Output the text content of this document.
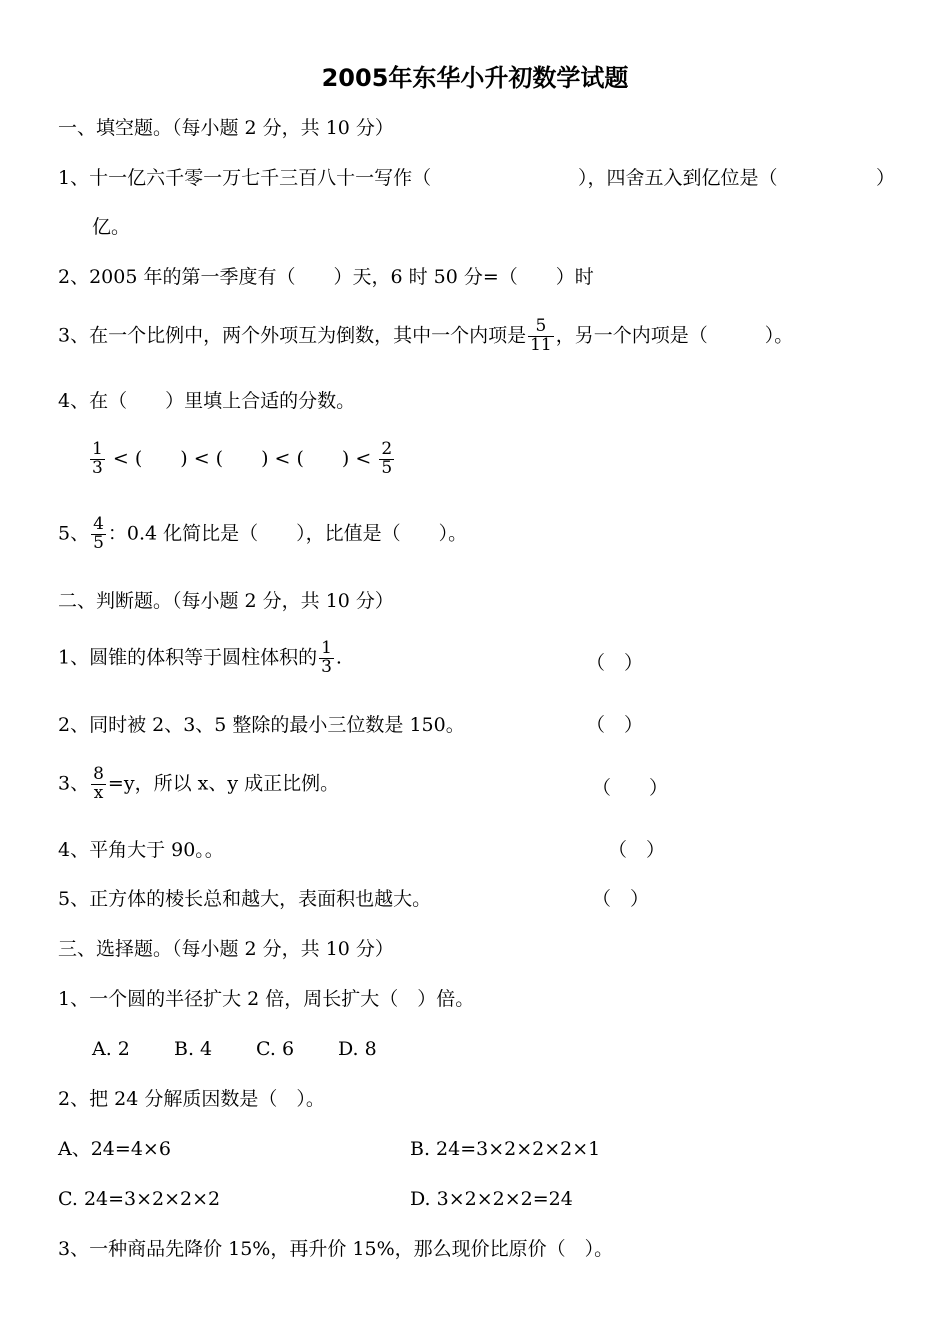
2005年东华小升初数学试题
一、填空题。（每小题 2 分，共 10 分）
1、十一亿六千零一万七千三百八十一写作（	），四舍五入到亿位是（	）
亿。
2、2005 年的第一季度有（　　）天，6 时 50 分=（　　）时
3、在一个比例中，两个外项互为倒数，其中一个内项是 $\frac{5}{11}$ ，另一个内项是（　　　）。
4、在（　　）里填上合适的分数。
$\frac{1}{3}$ < (　　) < (　　) < (　　) < $\frac{2}{5}$
5、 $\frac{4}{5}$ ：0.4 化简比是（　　），比值是（　　）。
二、判断题。（每小题 2 分，共 10 分）
1、圆锥的体积等于圆柱体积的 $\frac{1}{3}$ .	（　）
2、同时被 2、3、5 整除的最小三位数是 150。	（　）
3、 $\frac{8}{x} =y$，所以 x、y 成正比例。	（　　）
4、平角大于 90。。	（　）
5、正方体的棱长总和越大，表面积也越大。	（　）
三、选择题。（每小题 2 分，共 10 分）
1、一个圆的半径扩大 2 倍，周长扩大（　）倍。
A. 2 B. 4 C. 6 D. 8
2、把 24 分解质因数是（　）。
A、24=4×6	B. 24=3×2×2×2×1
C. 24=3×2×2×2	D. 3×2×2×2=24
3、一种商品先降价 15%，再升价 15%，那么现价比原价（　）。
